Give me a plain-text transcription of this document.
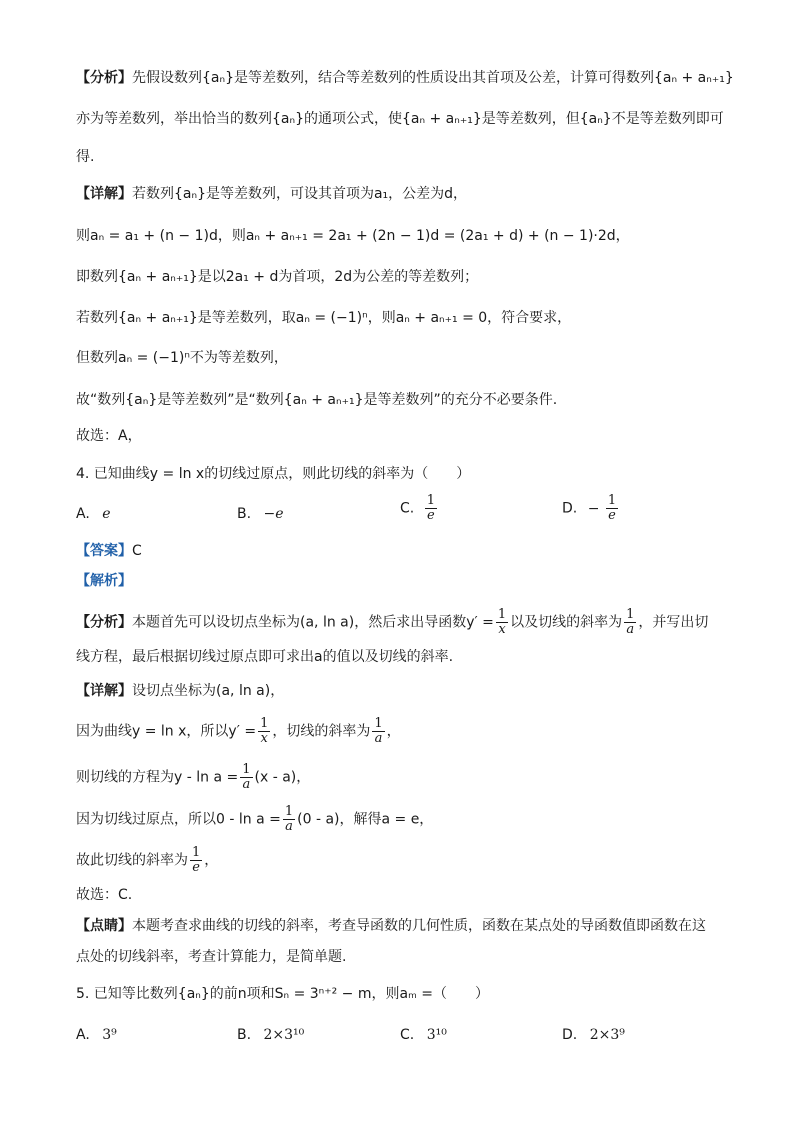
【分析】先假设数列{aₙ}是等差数列，结合等差数列的性质设出其首项及公差，计算可得数列{aₙ + aₙ₊₁}
亦为等差数列，举出恰当的数列{aₙ}的通项公式，使{aₙ + aₙ₊₁}是等差数列，但{aₙ}不是等差数列即可
得.
【详解】若数列{aₙ}是等差数列，可设其首项为a₁，公差为d，
则aₙ = a₁ + (n − 1)d，则aₙ + aₙ₊₁ = 2a₁ + (2n − 1)d = (2a₁ + d) + (n − 1)·2d，
即数列{aₙ + aₙ₊₁}是以2a₁ + d为首项，2d为公差的等差数列；
若数列{aₙ + aₙ₊₁}是等差数列，取aₙ = (−1)ⁿ，则aₙ + aₙ₊₁ = 0，符合要求，
但数列aₙ = (−1)ⁿ不为等差数列，
故“数列{aₙ}是等差数列”是“数列{aₙ + aₙ₊₁}是等差数列”的充分不必要条件.
故选：A，
4. 已知曲线y = ln x的切线过原点，则此切线的斜率为（　　）
A. e	B. −e	C. $\frac{1}{e}$	D. − $\frac{1}{e}$
【答案】C
【解析】
【分析】本题首先可以设切点坐标为(a, ln a)，然后求出导函数$y' = \frac{1}{x}$ 以及切线的斜率为 $\frac{1}{a}$ ，并写出切
线方程，最后根据切线过原点即可求出a的值以及切线的斜率.
【详解】设切点坐标为(a, ln a)，
因为曲线y = ln x，所以$y' = \frac{1}{x}$ ，切线的斜率为 $\frac{1}{a}$ ，
则切线的方程为$y - \ln a = \frac{1}{a} (x - a)$，
因为切线过原点，所以$0 - \ln a = \frac{1}{a} (0 - a)$，解得a = e，
故此切线的斜率为 $\frac{1}{e}$ ，
故选：C.
【点睛】本题考查求曲线的切线的斜率，考查导函数的几何性质，函数在某点处的导函数值即函数在这
点处的切线斜率，考查计算能力，是简单题.
5. 已知等比数列{aₙ}的前n项和Sₙ = 3ⁿ⁺² − m，则aₘ =（　　）
A. 3⁹	B. 2×3¹⁰	C. 3¹⁰	D. 2×3⁹
